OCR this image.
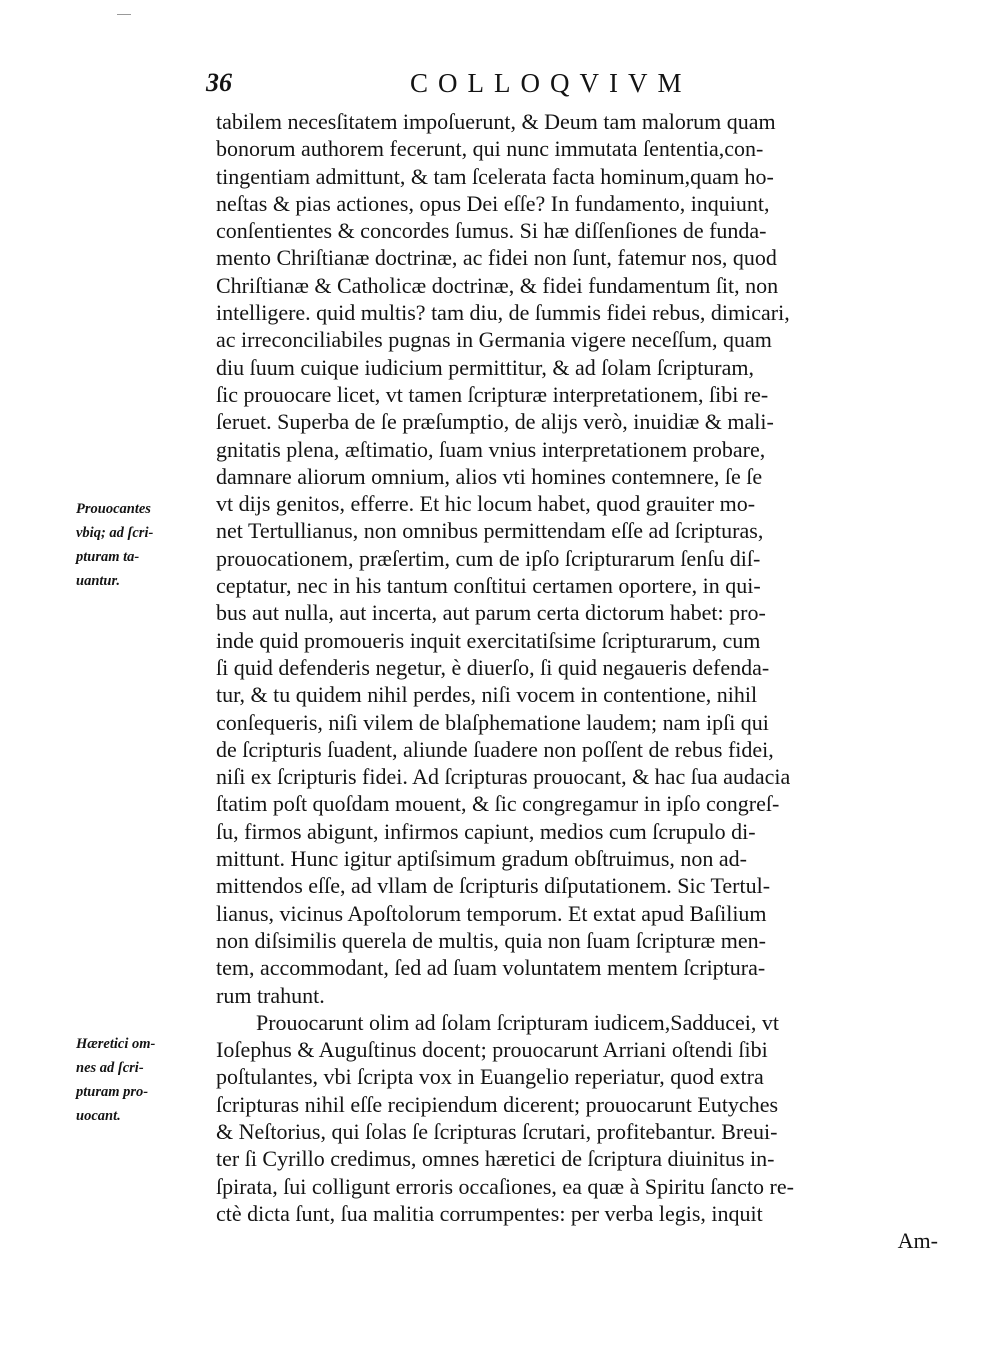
36	COLLOQVIVM
Prouocantes
vbiq; ad ſcri-
pturam ta-
uantur.
Hæretici om-
nes ad ſcri-
pturam pro-
uocant.
tabilem necesſitatem impoſuerunt, & Deum tam malorum quam
bonorum authorem fecerunt, qui nunc immutata ſententia,con-
tingentiam admittunt, & tam ſcelerata facta hominum,quam ho-
neſtas & pias actiones, opus Dei eſſe? In fundamento, inquiunt,
conſentientes & concordes ſumus. Si hæ diſſenſiones de funda-
mento Chriſtianæ doctrinæ, ac fidei non ſunt, fatemur nos, quod
Chriſtianæ & Catholicæ doctrinæ, & fidei fundamentum ſit, non
intelligere. quid multis? tam diu, de ſummis fidei rebus, dimicari,
ac irreconciliabiles pugnas in Germania vigere neceſſum, quam
diu ſuum cuique iudicium permittitur, & ad ſolam ſcripturam,
ſic prouocare licet, vt tamen ſcripturæ interpretationem, ſibi re-
ſeruet. Superba de ſe præſumptio, de alijs verò, inuidiæ & mali-
gnitatis plena, æſtimatio, ſuam vnius interpretationem probare,
damnare aliorum omnium, alios vti homines contemnere, ſe ſe
vt dijs genitos, efferre. Et hic locum habet, quod grauiter mo-
net Tertullianus, non omnibus permittendam eſſe ad ſcripturas,
prouocationem, præſertim, cum de ipſo ſcripturarum ſenſu diſ-
ceptatur, nec in his tantum conſtitui certamen oportere, in qui-
bus aut nulla, aut incerta, aut parum certa dictorum habet: pro-
inde quid promoueris inquit exercitatiſsime ſcripturarum, cum
ſi quid defenderis negetur, è diuerſo, ſi quid negaueris defenda-
tur, & tu quidem nihil perdes, niſi vocem in contentione, nihil
conſequeris, niſi vilem de blaſphematione laudem; nam ipſi qui
de ſcripturis ſuadent, aliunde ſuadere non poſſent de rebus fidei,
niſi ex ſcripturis fidei. Ad ſcripturas prouocant, & hac ſua audacia
ſtatim poſt quoſdam mouent, & ſic congregamur in ipſo congreſ-
ſu, firmos abigunt, infirmos capiunt, medios cum ſcrupulo di-
mittunt. Hunc igitur aptiſsimum gradum obſtruimus, non ad-
mittendos eſſe, ad vllam de ſcripturis diſputationem. Sic Tertul-
lianus, vicinus Apoſtolorum temporum. Et extat apud Baſilium
non diſsimilis querela de multis, quia non ſuam ſcripturæ men-
tem, accommodant, ſed ad ſuam voluntatem mentem ſcriptura-
rum trahunt.
Prouocarunt olim ad ſolam ſcripturam iudicem,Sadducei, vt
Ioſephus & Auguſtinus docent; prouocarunt Arriani oſtendi ſibi
poſtulantes, vbi ſcripta vox in Euangelio reperiatur, quod extra
ſcripturas nihil eſſe recipiendum dicerent; prouocarunt Eutyches
& Neſtorius, qui ſolas ſe ſcripturas ſcrutari, profitebantur. Breui-
ter ſi Cyrillo credimus, omnes hæretici de ſcriptura diuinitus in-
ſpirata, ſui colligunt erroris occaſiones, ea quæ à Spiritu ſancto re-
ctè dicta ſunt, ſua malitia corrumpentes: per verba legis, inquit
Am-
